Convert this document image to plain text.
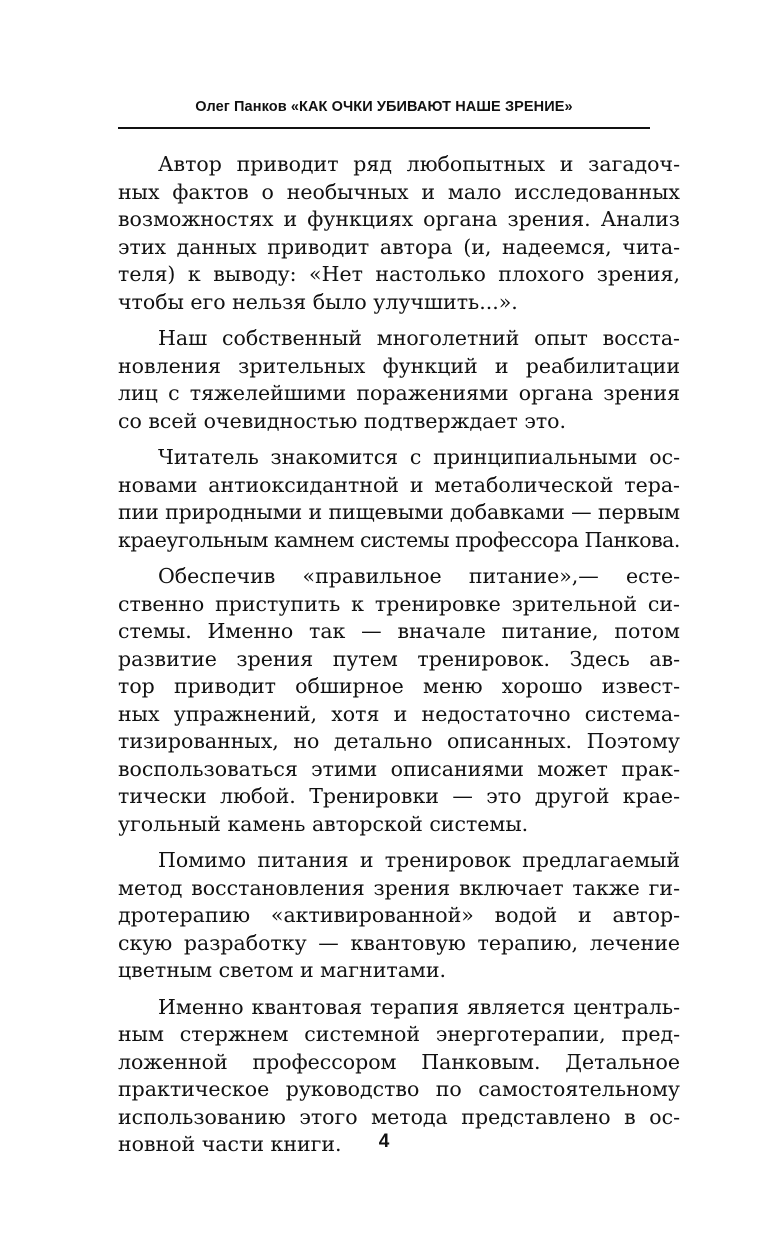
Олег Панков «КАК ОЧКИ УБИВАЮТ НАШЕ ЗРЕНИЕ»

Автор приводит ряд любопытных и загадоч-
ных фактов о необычных и мало исследованных
возможностях и функциях органа зрения. Анализ
этих данных приводит автора (и, надеемся, чита-
теля) к выводу: «Нет настолько плохого зрения,
чтобы его нельзя было улучшить...».

Наш собственный многолетний опыт восста-
новления зрительных функций и реабилитации
лиц с тяжелейшими поражениями органа зрения
со всей очевидностью подтверждает это.

Читатель знакомится с принципиальными ос-
новами антиоксидантной и метаболической тера-
пии природными и пищевыми добавками — первым
краеугольным камнем системы профессора Панкова.

Обеспечив «правильное питание»,— есте-
ственно приступить к тренировке зрительной си-
стемы. Именно так — вначале питание, потом
развитие зрения путем тренировок. Здесь ав-
тор приводит обширное меню хорошо извест-
ных упражнений, хотя и недостаточно система-
тизированных, но детально описанных. Поэтому
воспользоваться этими описаниями может прак-
тически любой. Тренировки — это другой крае-
угольный камень авторской системы.

Помимо питания и тренировок предлагаемый
метод восстановления зрения включает также ги-
дротерапию «активированной» водой и автор-
скую разработку — квантовую терапию, лечение
цветным светом и магнитами.

Именно квантовая терапия является централь-
ным стержнем системной энерготерапии, пред-
ложенной профессором Панковым. Детальное
практическое руководство по самостоятельному
использованию этого метода представлено в ос-
новной части книги.	4
